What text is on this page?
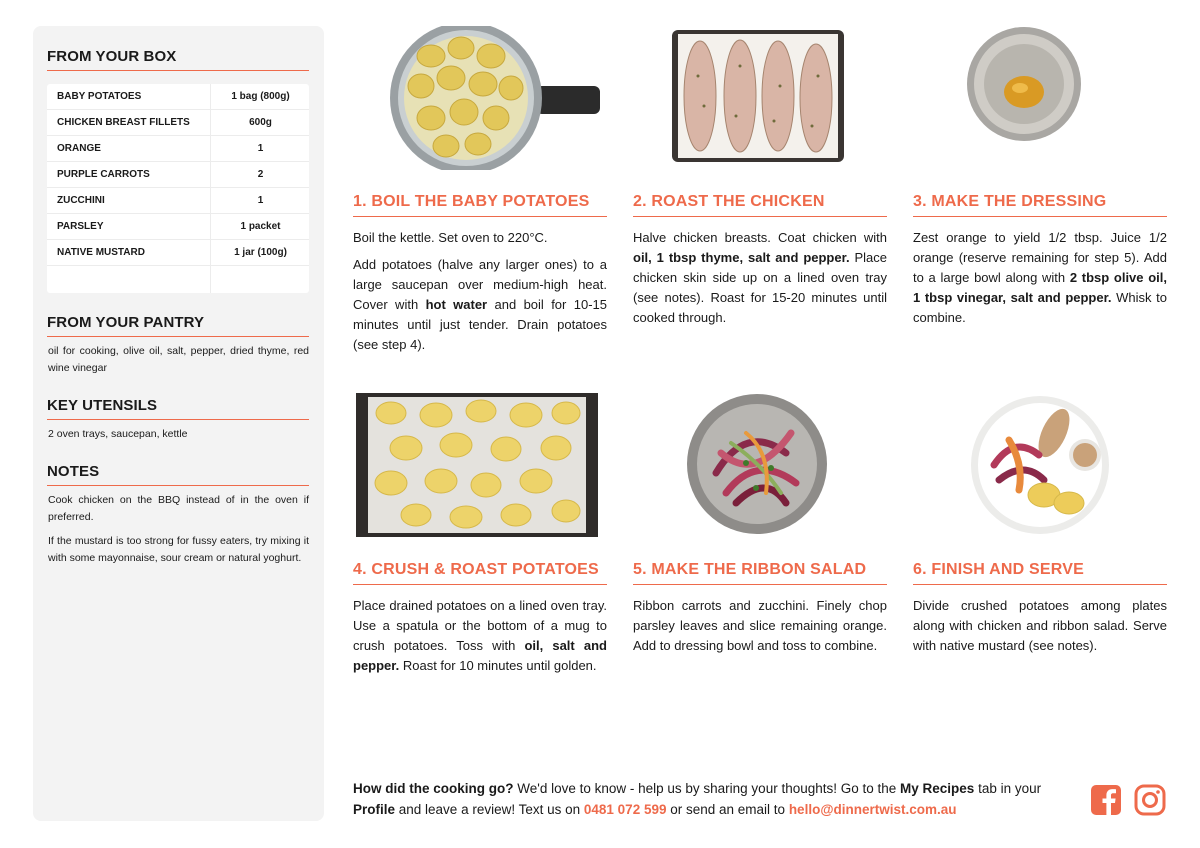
FROM YOUR BOX
BABY POTATOES	1 bag (800g)
CHICKEN BREAST FILLETS	600g
ORANGE	1
PURPLE CARROTS	2
ZUCCHINI	1
PARSLEY	1 packet
NATIVE MUSTARD	1 jar (100g)
FROM YOUR PANTRY
oil for cooking, olive oil, salt, pepper, dried thyme, red wine vinegar
KEY UTENSILS
2 oven trays, saucepan, kettle
NOTES
Cook chicken on the BBQ instead of in the oven if preferred.
If the mustard is too strong for fussy eaters, try mixing it with some mayonnaise, sour cream or natural yoghurt.
1. BOIL THE BABY POTATOES

Boil the kettle. Set oven to 220°C.

Add potatoes (halve any larger ones) to a large saucepan over medium-high heat. Cover with hot water and boil for 10-15 minutes until just tender. Drain potatoes (see step 4).

2. ROAST THE CHICKEN

Halve chicken breasts. Coat chicken with oil, 1 tbsp thyme, salt and pepper. Place chicken skin side up on a lined oven tray (see notes). Roast for 15-20 minutes until cooked through.

3. MAKE THE DRESSING

Zest orange to yield 1/2 tbsp. Juice 1/2 orange (reserve remaining for step 5). Add to a large bowl along with 2 tbsp olive oil, 1 tbsp vinegar, salt and pepper. Whisk to combine.

4. CRUSH & ROAST POTATOES

Place drained potatoes on a lined oven tray. Use a spatula or the bottom of a mug to crush potatoes. Toss with oil, salt and pepper. Roast for 10 minutes until golden.

5. MAKE THE RIBBON SALAD

Ribbon carrots and zucchini. Finely chop parsley leaves and slice remaining orange. Add to dressing bowl and toss to combine.

6. FINISH AND SERVE

Divide crushed potatoes among plates along with chicken and ribbon salad. Serve with native mustard (see notes).

How did the cooking go? We'd love to know - help us by sharing your thoughts! Go to the My Recipes tab in your Profile and leave a review! Text us on 0481 072 599 or send an email to hello@dinnertwist.com.au
